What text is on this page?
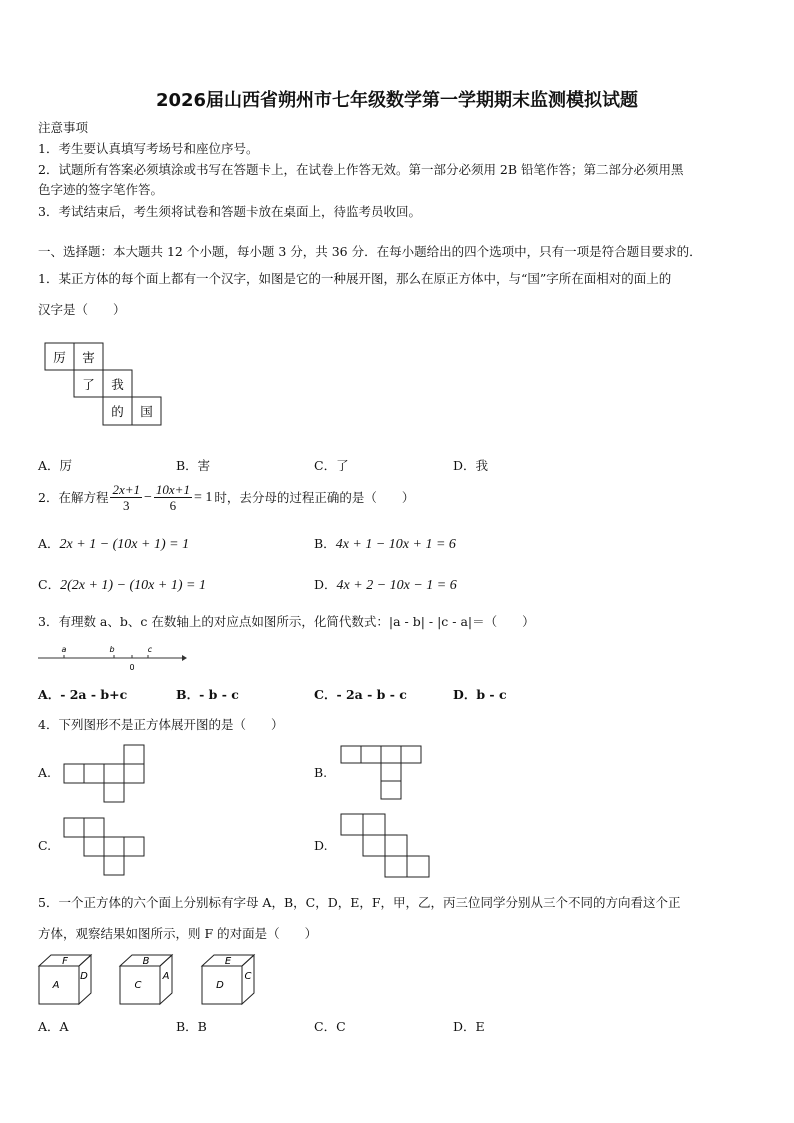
2026届山西省朔州市七年级数学第一学期期末监测模拟试题
注意事项
1．考生要认真填写考场号和座位序号。
2．试题所有答案必须填涂或书写在答题卡上，在试卷上作答无效。第一部分必须用 2B 铅笔作答；第二部分必须用黑
色字迹的签字笔作答。
3．考试结束后，考生须将试卷和答题卡放在桌面上，待监考员收回。
一、选择题：本大题共 12 个小题，每小题 3 分，共 36 分．在每小题给出的四个选项中，只有一项是符合题目要求的．
1．某正方体的每个面上都有一个汉字，如图是它的一种展开图，那么在原正方体中，与“国”字所在面相对的面上的
汉字是（　　）
厉 害
了 我
的 国
A．厉	B．害	C．了	D．我
2．在解方程 $\frac{2x+1}{3} - \frac{10x+1}{6} = 1$ 时，去分母的过程正确的是（　　）
A．2x + 1 − (10x + 1) = 1	B．4x + 1 − 10x + 1 = 6
C．2(2x + 1) − (10x + 1) = 1	D．4x + 2 − 10x − 1 = 6
3．有理数 a、b、c 在数轴上的对应点如图所示，化简代数式：|a - b| - |c - a|＝（　　）
a	b	c
0
A．- 2a - b+c	B．- b - c	C．- 2a - b - c	D．b - c
4．下列图形不是正方体展开图的是（　　）
A.	B.
C.	D.
5．一个正方体的六个面上分别标有字母 A，B，C，D，E，F，甲，乙，丙三位同学分别从三个不同的方向看这个正
方体，观察结果如图所示，则 F 的对面是（　　）
F
A
D
B
C
A
E
D
C
A．A	B．B	C．C	D．E
